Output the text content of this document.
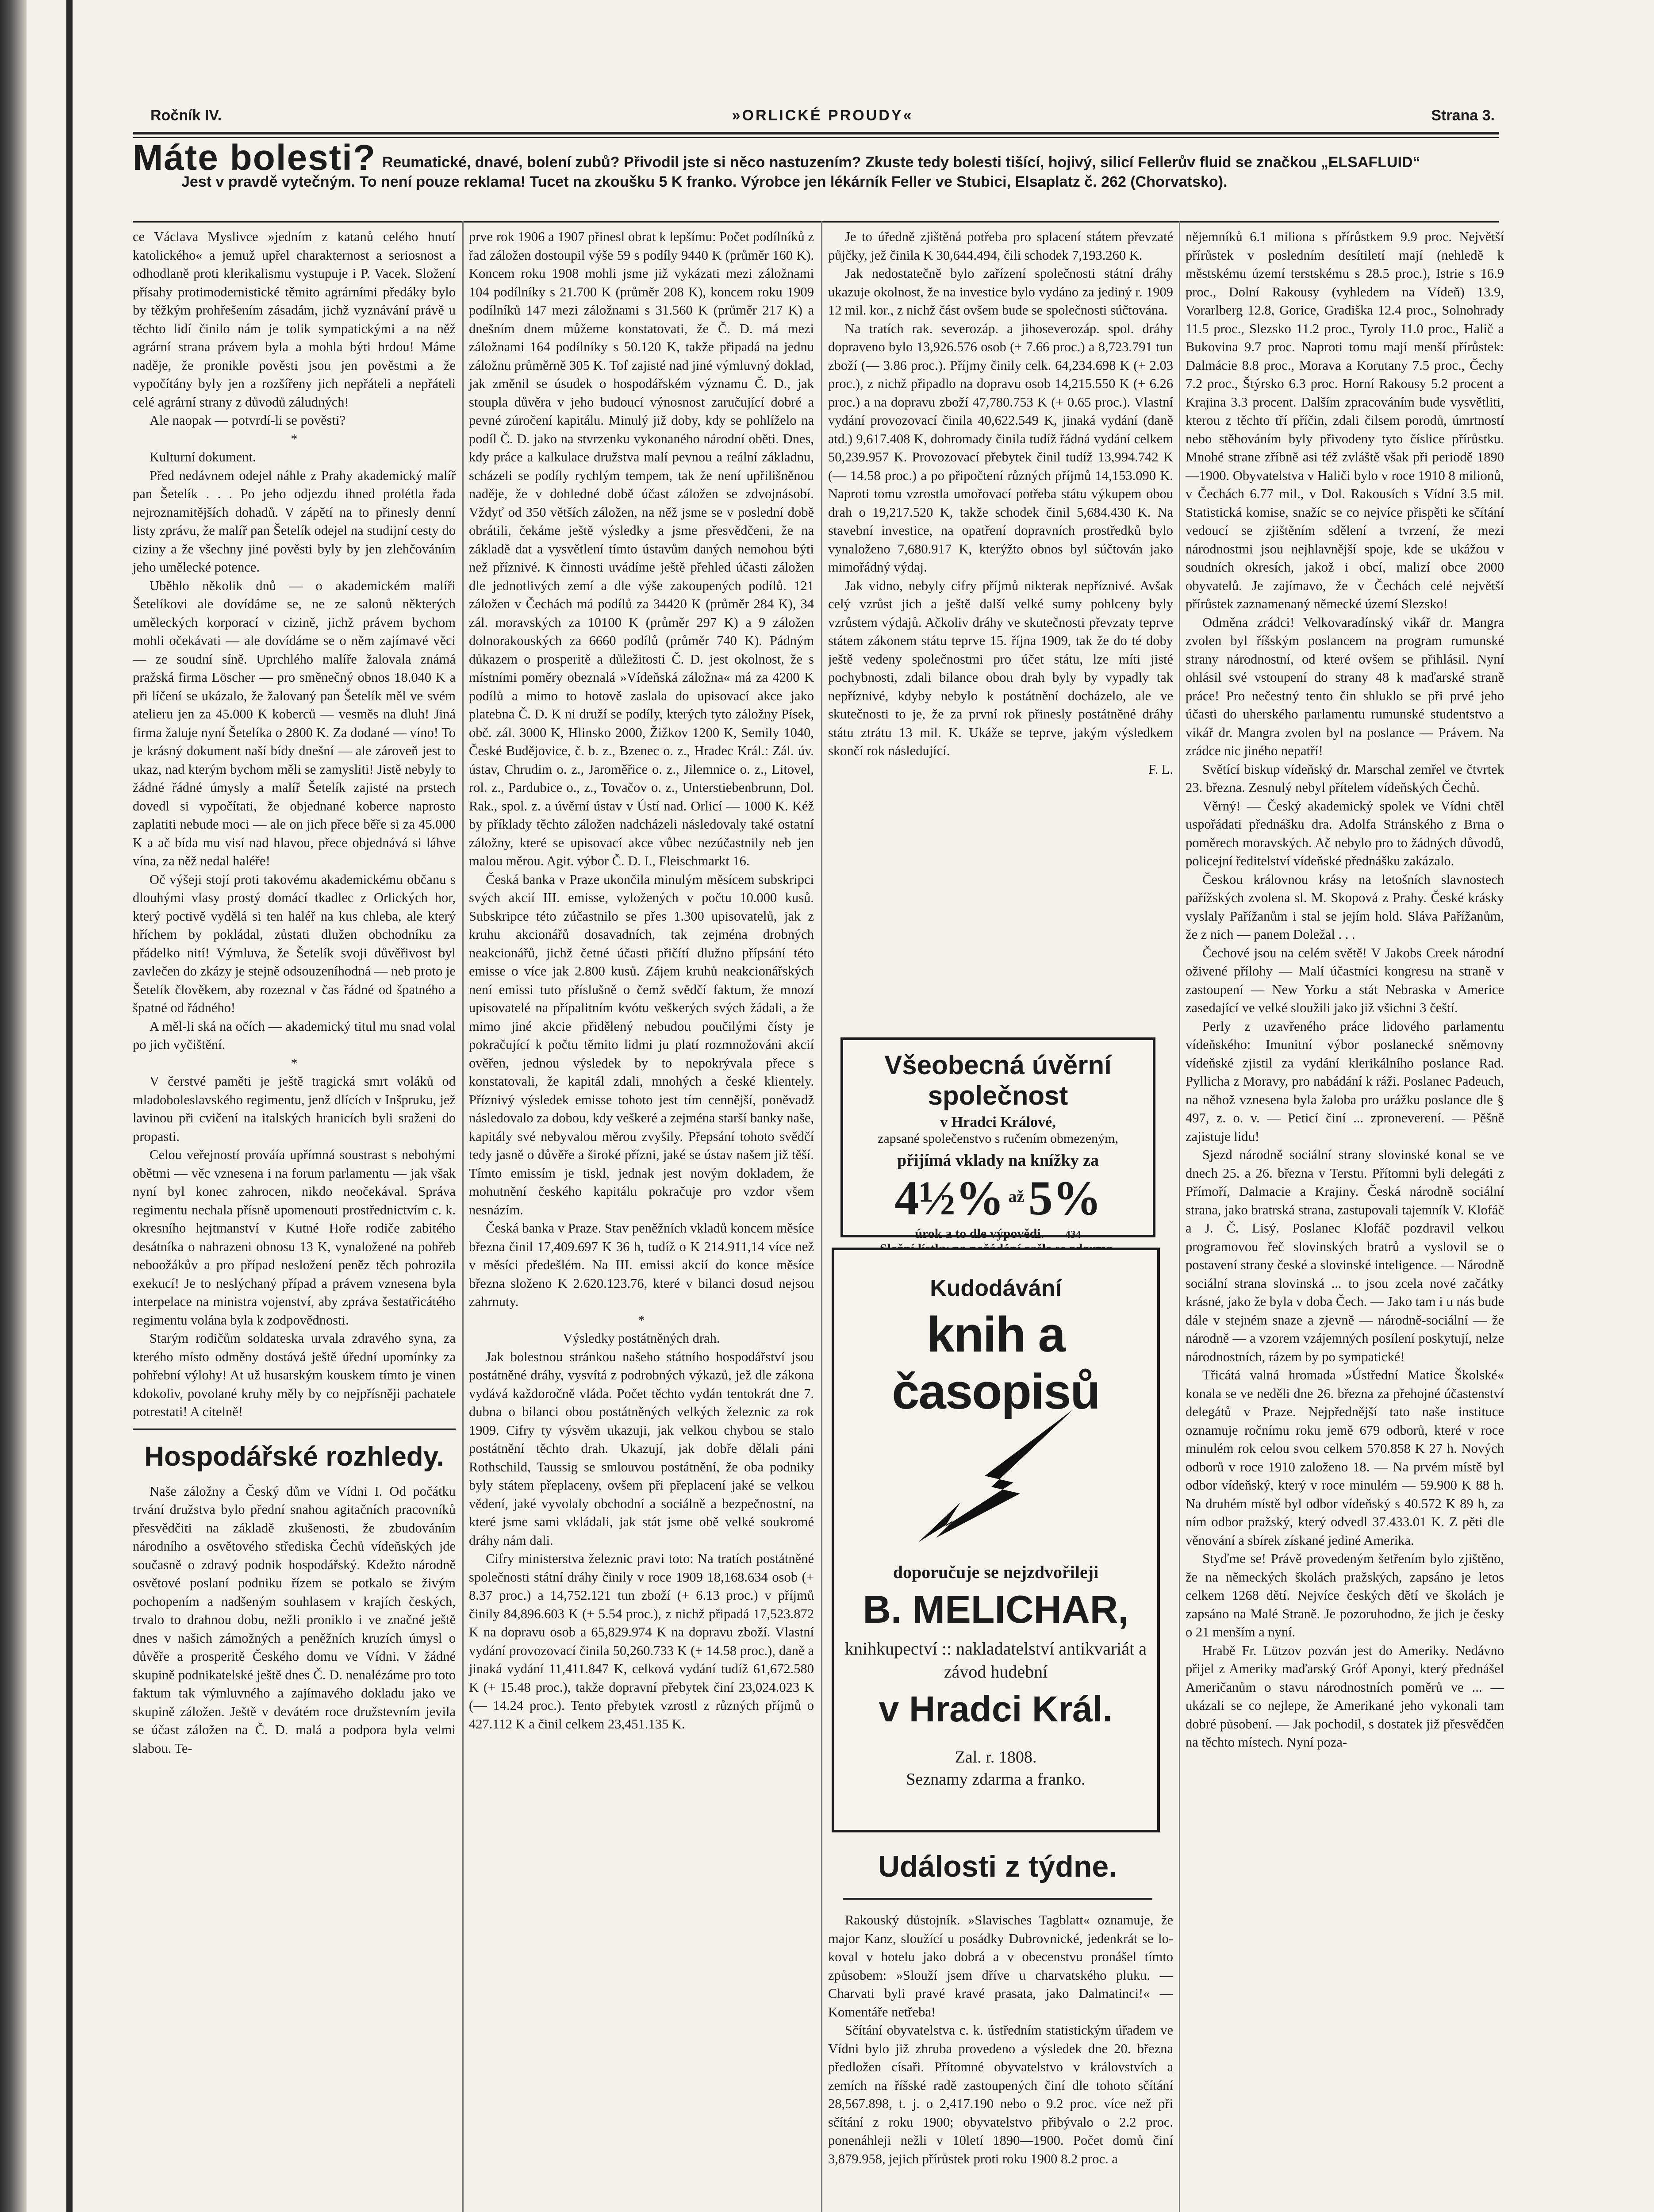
Ročník IV.	»ORLICKÉ PROUDY«	Strana 3.
Máte bolesti? Reumatické, dnavé, bolení zubů? Přivodil jste si něco nastuzením? Zkuste tedy bolesti tišící, hojivý, silicí Fellerův fluid se značkou „ELSAFLUID“
Jest v pravdě vytečným. To není pouze reklama! Tucet na zkoušku 5 K franko. Výrobce jen lékárník Feller ve Stubici, Elsaplatz č. 262 (Chorvatsko).

ce Václava Myslivce »jedním z katanů celého hnutí katolického« a jemuž upřel charakternost a seriosnost a odhodlaně proti klerikalismu vystupuje i P. Vacek. Složení přísahy protimodernistické těmito agrárními předáky bylo by těžkým prohřešením zásadám, jichž vyznávání právě u těchto lidí činilo nám je tolik sympatickými a na něž agrární strana právem byla a mohla býti hrdou! Máme naděje, že pronikle pověsti jsou jen pověstmi a že vypočítány byly jen a rozšířeny jich nepřáteli a nepřáteli celé agrární strany z důvodů záludných!

Ale naopak — potvrdí-li se pověsti?

*

Kulturní dokument.

Před nedávnem odejel náhle z Prahy akademický malíř pan Šetelík . . . Po jeho odjezdu ihned prolétla řada nejroznamitějších dohadů. V zápětí na to přinesly denní listy zprávu, že malíř pan Šetelík odejel na studijní cesty do ciziny a že všechny jiné pověsti byly by jen zlehčováním jeho umělecké potence.

Uběhlo několik dnů — o akademickém malíři Šetelíkovi ale dovídáme se, ne ze salonů některých uměleckých korporací v cizině, jichž právem bychom mohli očekávati — ale dovídáme se o něm zajímavé věci — ze soudní síně. Uprchlého malíře žalovala známá pražská firma Löscher — pro směnečný obnos 18.040 K a při líčení se ukázalo, že žalovaný pan Šetelík měl ve svém atelieru jen za 45.000 K koberců — vesměs na dluh! Jiná firma žaluje nyní Šetelíka o 2800 K. Za dodané — víno! To je krásný dokument naší bídy dnešní — ale zároveň jest to ukaz, nad kterým bychom měli se zamysliti! Jistě nebyly to žádné řádné úmysly a malíř Šetelík zajisté na prstech dovedl si vypočítati, že objednané koberce naprosto zaplatiti nebude moci — ale on jich přece běře si za 45.000 K a ač bída mu visí nad hlavou, přece objednává si láhve vína, za něž nedal haléře!

Oč výšeji stojí proti takovému akademickému občanu s dlouhými vlasy prostý domácí tkadlec z Orlických hor, který poctivě vydělá si ten haléř na kus chleba, ale který hříchem by pokládal, zůstati dlužen obchodníku za přádelko nití! Výmluva, že Šetelík svoji důvěřivost byl zavlečen do zkázy je stejně odsouzeníhodná — neb proto je Šetelík člověkem, aby rozeznal v čas řádné od špatného a špatné od řádného!

A měl-li ská na očích — akademický titul mu snad volal po jich vyčištění.

*

V čerstvé paměti je ještě tragická smrt voláků od mladoboleslavského regimentu, jenž dlících v Inšpruku, jež lavinou při cvičení na italských hranicích byli sraženi do propasti.

Celou veřejností prováía upřímná soustrast s nebohými obětmi — věc vznesena i na forum parlamentu — jak však nyní byl konec zahrocen, nikdo neočekával. Správa regimentu nechala přísně upomenouti prostřednictvím c. k. okresního hejtmanství v Kutné Hoře rodiče zabitého desátníka o nahrazeni obnosu 13 K, vynaložené na pohřeb neboožákův a pro případ nesložení peněz těch pohrozila exekucí! Je to neslýchaný případ a právem vznesena byla interpelace na ministra vojenství, aby zpráva šestatřicátého regimentu volána byla k zodpovědnosti.

Starým rodičům soldateska urvala zdravého syna, za kterého místo odměny dostává ještě úřední upomínky za pohřební výlohy! At už husarským kouskem tímto je vinen kdokoliv, povolané kruhy měly by co nejpřísněji pachatele potrestati! A citelně!

Hospodářské rozhledy.

Naše záložny a Český dům ve Vídni I. Od počátku trvání družstva bylo přední snahou agitačních pracovníků přesvědčiti na základě zkušenosti, že zbudováním národního a osvětového střediska Čechů vídeňských jde současně o zdravý podnik hospodářský. Kdežto národně osvětové poslaní podniku řízem se potkalo se živým pochopením a nadšeným souhlasem v krajích českých, trvalo to drahnou dobu, nežli proniklo i ve značné ještě dnes v našich zámožných a peněžních kruzích úmysl o důvěře a prosperitě Českého domu ve Vídni. V žádné skupině podnikatelské ještě dnes Č. D. nenalézáme pro toto faktum tak výmluvného a zajímavého dokladu jako ve skupině záložen. Ještě v devátém roce družstevním jevila se účast záložen na Č. D. malá a podpora byla velmi slabou. Te-

prve rok 1906 a 1907 přinesl obrat k lepšímu: Počet podílníků z řad záložen dostoupil výše 59 s podíly 9440 K (průměr 160 K). Koncem roku 1908 mohli jsme již vykázati mezi záložnami 104 podílníky s 21.700 K (průměr 208 K), koncem roku 1909 podílníků 147 mezi záložnami s 31.560 K (průměr 217 K) a dnešním dnem můžeme konstatovati, že Č. D. má mezi záložnami 164 podílníky s 50.120 K, takže připadá na jednu záložnu průměrně 305 K. Tof zajisté nad jiné výmluvný doklad, jak změnil se úsudek o hospodářském významu Č. D., jak stoupla důvěra v jeho budoucí výnosnost zaručující dobré a pevné zúročení kapitálu. Minulý již doby, kdy se pohlíželo na podíl Č. D. jako na stvrzenku vykonaného národní oběti. Dnes, kdy práce a kalkulace družstva malí pevnou a reální základnu, scházeli se podíly rychlým tempem, tak že není upřilišněnou naděje, že v dohledné době účast záložen se zdvojnásobí. Vždyť od 350 větších záložen, na něž jsme se v poslední době obrátili, čekáme ještě výsledky a jsme přesvědčeni, že na základě dat a vysvětlení tímto ústavům daných nemohou býti než příznivé. K činnosti uvádíme ještě přehled účasti záložen dle jednotlivých zemí a dle výše zakoupených podílů. 121 záložen v Čechách má podílů za 34420 K (průměr 284 K), 34 zál. moravských za 10100 K (průměr 297 K) a 9 záložen dolnorakouských za 6660 podílů (průměr 740 K). Pádným důkazem o prosperitě a důležitosti Č. D. jest okolnost, že s místními poměry obeznalá »Vídeňská záložna« má za 4200 K podílů a mimo to hotově zaslala do upisovací akce jako platebna Č. D. K ni druží se podíly, kterých tyto záložny Písek, obč. zál. 3000 K, Hlinsko 2000, Žižkov 1200 K, Semily 1040, České Budějovice, č. b. z., Bzenec o. z., Hradec Král.: Zál. úv. ústav, Chrudim o. z., Jaroměřice o. z., Jilemnice o. z., Litovel, rol. z., Pardubice o., z., Tovačov o. z., Unterstiebenbrunn, Dol. Rak., spol. z. a úvěrní ústav v Ústí nad. Orlicí — 1000 K. Kéž by příklady těchto záložen nadcházeli následovaly také ostatní záložny, které se upisovací akce vůbec nezúčastnily neb jen malou měrou. Agit. výbor Č. D. I., Fleischmarkt 16.

Česká banka v Praze ukončila minulým měsícem subskripci svých akcií III. emisse, vyložených v počtu 10.000 kusů. Subskripce této zúčastnilo se přes 1.300 upisovatelů, jak z kruhu akcionářů dosavadních, tak zejména drobných neakcionářů, jichž četné účasti přičítí dlužno přípsání této emisse o více jak 2.800 kusů. Zájem kruhů neakcionářských není emissi tuto příslušně o čemž svědčí faktum, že mnozí upisovatelé na přípalitním kvótu veškerých svých žádali, a že mimo jiné akcie přidělený nebudou poučilými čísty je pokračující k počtu těmito lidmi ju platí rozmnožováni akcií ověřen, jednou výsledek by to nepokrývala přece s konstatovali, že kapitál zdali, mnohých a české klientely. Příznivý výsledek emisse tohoto jest tím cennější, poněvadž následovalo za dobou, kdy veškeré a zejména starší banky naše, kapitály své nebyvalou měrou zvyšily. Přepsání tohoto svědčí tedy jasně o důvěře a široké přízni, jaké se ústav našem již těší. Tímto emissím je tiskl, jednak jest novým dokladem, že mohutnění českého kapitálu pokračuje pro vzdor všem nesnázím.

Česká banka v Praze. Stav peněžních vkladů koncem měsíce března činil 17,409.697 K 36 h, tudíž o K 214.911,14 více než v měsíci předešlém. Na III. emissi akcií do konce měsíce března složeno K 2.620.123.76, které v bilanci dosud nejsou zahrnuty.

*

Výsledky postátněných drah.

Jak bolestnou stránkou našeho státního hospodářství jsou postátněné dráhy, vysvítá z podrobných výkazů, jež dle zákona vydává každoročně vláda. Počet těchto vydán tentokrát dne 7. dubna o bilanci obou postátněných velkých železnic za rok 1909. Cifry ty výsvěm ukazuji, jak velkou chybou se stalo postátnění těchto drah. Ukazují, jak dobře dělali páni Rothschild, Taussig se smlouvou postátnění, že oba podniky byly státem přeplaceny, ovšem při přeplacení jaké se velkou vědení, jaké vyvolaly obchodní a sociálně a bezpečnostní, na které jsme sami vkládali, jak stát jsme obě velké soukromé dráhy nám dali.

Cifry ministerstva železnic pravi toto: Na tratích postátněné společnosti státní dráhy činily v roce 1909 18,168.634 osob (+ 8.37 proc.) a 14,752.121 tun zboží (+ 6.13 proc.) v příjmů činily 84,896.603 K (+ 5.54 proc.), z nichž připadá 17,523.872 K na dopravu osob a 65,829.974 K na dopravu zboží. Vlastní vydání provozovací činila 50,260.733 K (+ 14.58 proc.), daně a jinaká vydání 11,411.847 K, celková vydání tudíž 61,672.580 K (+ 15.48 proc.), takže dopravní přebytek činí 23,024.023 K (— 14.24 proc.). Tento přebytek vzrostl z různých příjmů o 427.112 K a činil celkem 23,451.135 K.

Je to úředně zjištěná potřeba pro splacení státem převzaté půjčky, jež činila K 30,644.494, čili schodek 7,193.260 K.

Jak nedostatečně bylo zařízení společnosti státní dráhy ukazuje okolnost, že na investice bylo vydáno za jediný r. 1909 12 mil. kor., z nichž část ovšem bude se společnosti súčtována.

Na tratích rak. severozáp. a jihoseverozáp. spol. dráhy dopraveno bylo 13,926.576 osob (+ 7.66 proc.) a 8,723.791 tun zboží (— 3.86 proc.). Příjmy činily celk. 64,234.698 K (+ 2.03 proc.), z nichž připadlo na dopravu osob 14,215.550 K (+ 6.26 proc.) a na dopravu zboží 47,780.753 K (+ 0.65 proc.). Vlastní vydání provozovací činila 40,622.549 K, jinaká vydání (daně atd.) 9,617.408 K, dohromady činila tudíž řádná vydání celkem 50,239.957 K. Provozovací přebytek činil tudíž 13,994.742 K (— 14.58 proc.) a po připočtení různých příjmů 14,153.090 K. Naproti tomu vzrostla umořovací potřeba státu výkupem obou drah o 19,217.520 K, takže schodek činil 5,684.430 K. Na stavební investice, na opatření dopravních prostředků bylo vynaloženo 7,680.917 K, kterýžto obnos byl súčtován jako mimořádný výdaj.

Jak vidno, nebyly cifry příjmů nikterak nepříznivé. Avšak celý vzrůst jich a ještě další velké sumy pohlceny byly vzrůstem výdajů. Ačkoliv dráhy ve skutečnosti převzaty teprve státem zákonem státu teprve 15. října 1909, tak že do té doby ještě vedeny společnostmi pro účet státu, lze míti jisté pochybnosti, zdali bilance obou drah byly by vypadly tak nepříznivé, kdyby nebylo k postátnění docházelo, ale ve skutečnosti to je, že za první rok přinesly postátněné dráhy státu ztrátu 13 mil. K. Ukáže se teprve, jakým výsledkem skončí rok následující.

F. L.

Všeobecná úvěrní společnost
v Hradci Králové,
zapsané společenstvo s ručením obmezeným,
přijímá vklady na knížky za 4½% až 5%
úrok a to dle výpovědi. 434
Kudodávání
knih a časopisů
doporučuje se nejzdvořileji
B. MELICHAR,
knihkupectví :: nakladatelství antikvariát a závod hudební
v Hradci Král.
Zal. r. 1808.
Seznamy zdarma a franko.
Události z týdne.

Rakouský důstojník. »Slavisches Tagblatt« oznamuje, že major Kanz, sloužící u posádky Dubrovnické, jedenkrát se lo-koval v hotelu jako dobrá a v obecenstvu pronášel tímto způsobem: »Slouží jsem dříve u charvatského pluku. — Charvati byli pravé kravé prasata, jako Dalmatinci!« — Komentáře netřeba!

Sčítání obyvatelstva c. k. ústředním statistickým úřadem ve Vídni bylo již zhruba provedeno a výsledek dne 20. března předložen císaři. Přítomné obyvatelstvo v královstvích a zemích na říšské radě zastoupených činí dle tohoto sčítání 28,567.898, t. j. o 2,417.190 nebo o 9.2 proc. více než při sčítání z roku 1900; obyvatelstvo přibývalo o 2.2 proc. ponenáhleji nežli v 10letí 1890—1900. Počet domů činí 3,879.958, jejich přírůstek proti roku 1900 8.2 proc. a

nějemníků 6.1 miliona s přírůstkem 9.9 proc. Největší přírůstek v posledním desítiletí mají (nehledě k městskému území terstskému s 28.5 proc.), Istrie s 16.9 proc., Dolní Rakousy (vyhledem na Vídeň) 13.9, Vorarlberg 12.8, Gorice, Gradiška 12.4 proc., Solnohrady 11.5 proc., Slezsko 11.2 proc., Tyroly 11.0 proc., Halič a Bukovina 9.7 proc. Naproti tomu mají menší přírůstek: Dalmácie 8.8 proc., Morava a Korutany 7.5 proc., Čechy 7.2 proc., Štýrsko 6.3 proc. Horní Rakousy 5.2 procent a Krajina 3.3 procent. Dalším zpracováním bude vysvětliti, kterou z těchto tří příčin, zdali čilsem porodů, úmrtností nebo stěhováním byly přivodeny tyto číslice přírůstku. Mnohé strane zříbně asi též zvláště však při periodě 1890—1900. Obyvatelstva v Haliči bylo v roce 1910 8 milionů, v Čechách 6.77 mil., v Dol. Rakousích s Vídní 3.5 mil. Statistická komise, snažíc se co nejvíce přispěti ke sčítání vedoucí se zjištěním sdělení a tvrzení, že mezi národnostmi jsou nejhlavnější spoje, kde se ukážou v soudních okresích, jakož i obcí, malizí obce 2000 obyvatelů. Je zajímavo, že v Čechách celé největší přírůstek zaznamenaný německé území Slezsko!

Odměna zrádci! Velkovaradínský vikář dr. Mangra zvolen byl říšským poslancem na program rumunské strany národnostní, od které ovšem se přihlásil. Nyní ohlásil své vstoupení do strany 48 k maďarské straně práce! Pro nečestný tento čin shluklo se při prvé jeho účasti do uherského parlamentu rumunské studentstvo a vikář dr. Mangra zvolen byl na poslance — Právem. Na zrádce nic jiného nepatří!

Světící biskup vídeňský dr. Marschal zemřel ve čtvrtek 23. března. Zesnulý nebyl přítelem vídeňských Čechů.

Věrný! — Český akademický spolek ve Vídni chtěl uspořádati přednášku dra. Adolfa Stránského z Brna o poměrech moravských. Ač nebylo pro to žádných důvodů, policejní ředitelství vídeňské přednášku zakázalo.

Českou královnou krásy na letošních slavnostech pařížských zvolena sl. M. Skopová z Prahy. České krásky vyslaly Pařížanům i stal se jejím hold. Sláva Pařížanům, že z nich — panem Doležal . . .

Čechové jsou na celém světě! V Jakobs Creek národní oživené přílohy — Malí účastníci kongresu na straně v zastoupení — New Yorku a stát Nebraska v Americe zasedající ve velké sloužili jako již všichni 3 čeští.

Perly z uzavřeného práce lidového parlamentu vídeňského: Imunitní výbor poslanecké sněmovny vídeňské zjistil za vydání klerikálního poslance Rad. Pyllicha z Moravy, pro nabádání k ráži. Poslanec Padeuch, na něhož vznesena byla žaloba pro urážku poslance dle § 497, z. o. v. — Peticí činí ... zproneverení. — Pěšně zajistuje lidu!

Sjezd národně sociální strany slovinské konal se ve dnech 25. a 26. března v Terstu. Přítomni byli delegáti z Přímoří, Dalmacie a Krajiny. Česká národně sociální strana, jako bratrská strana, zastupovali tajemník V. Klofáč a J. Č. Lisý. Poslanec Klofáč pozdravil velkou programovou řeč slovinských bratrů a vyslovil se o postavení strany české a slovinské inteligence. — Národně sociální strana slovinská ... to jsou zcela nové začátky krásné, jako že byla v doba Čech. — Jako tam i u nás bude dále v stejném snaze a zjevně — národně-sociální — že národně — a vzorem vzájemných posílení poskytují, nelze národnostních, rázem by po sympatické!

Třicátá valná hromada »Ústřední Matice Školské« konala se ve neděli dne 26. března za přehojné účastenství delegátů v Praze. Nejpřednější tato naše instituce oznamuje ročnímu roku jemě 679 odborů, které v roce minulém rok celou svou celkem 570.858 K 27 h. Nových odborů v roce 1910 založeno 18. — Na prvém místě byl odbor vídeňský, který v roce minulém — 59.900 K 88 h. Na druhém místě byl odbor vídeňský s 40.572 K 89 h, za ním odbor pražský, který odvedl 37.433.01 K. Z pěti dle věnování a sbírek získané jediné Amerika.

Styďme se! Právě provedeným šetřením bylo zjištěno, že na německých školách pražských, zapsáno je letos celkem 1268 dětí. Nejvíce českých dětí ve školách je zapsáno na Malé Straně. Je pozoruhodno, že jich je česky o 21 menším a nyní.

Hrabě Fr. Lützov pozván jest do Ameriky. Nedávno přijel z Ameriky maďarský Gróf Aponyi, který přednášel Američanům o stavu národnostních poměrů ve ... — ukázali se co nejlepe, že Amerikané jeho vykonali tam dobré působení. — Jak pochodil, s dostatek již přesvědčen na těchto místech. Nyní poza-
